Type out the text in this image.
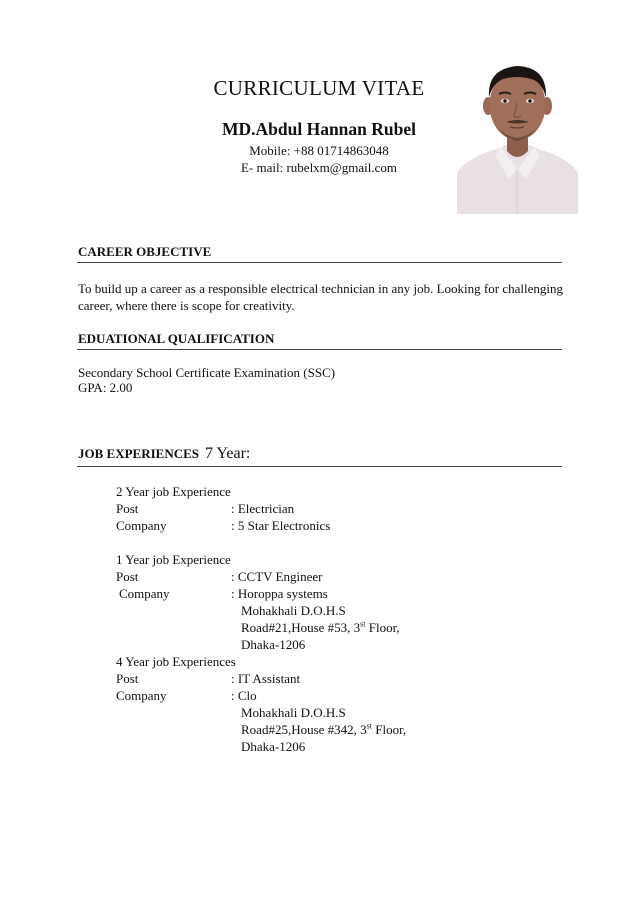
CURRICULUM VITAE
MD.Abdul Hannan Rubel
Mobile: +88 01714863048
E- mail: rubelxm@gmail.com
CAREER OBJECTIVE
To build up a career as a responsible electrical technician in any job. Looking for challenging
career, where there is scope for creativity.
EDUATIONAL QUALIFICATION
Secondary School Certificate Examination (SSC)
GPA: 2.00
JOB EXPERIENCES 7 Year:
2 Year job Experience
Post	: Electrician
Company	: 5 Star Electronics
1 Year job Experience
Post	: CCTV Engineer
Company	: Horoppa systems
Mohakhali D.O.H.S
Road#21,House #53, 3st Floor,
Dhaka-1206
4 Year job Experiences
Post	: IT Assistant
Company	: Clo
Mohakhali D.O.H.S
Road#25,House #342, 3st Floor,
Dhaka-1206
